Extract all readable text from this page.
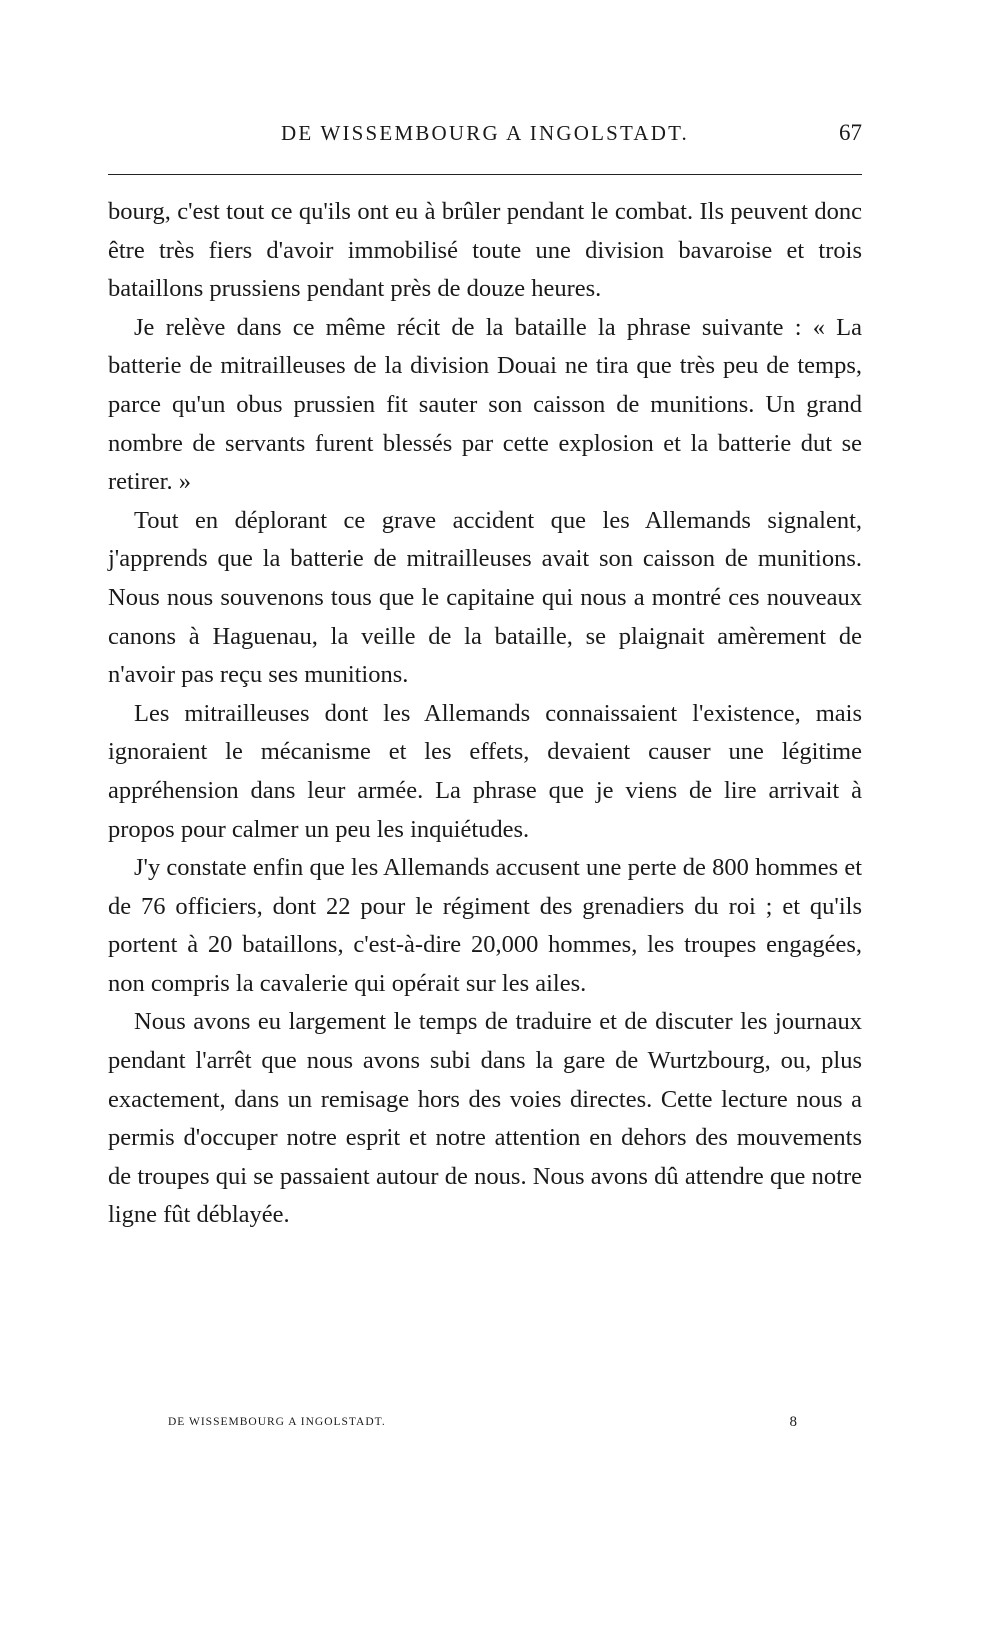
DE WISSEMBOURG A INGOLSTADT.	67

bourg, c'est tout ce qu'ils ont eu à brûler pendant le combat. Ils peuvent donc être très fiers d'avoir immobilisé toute une division bavaroise et trois bataillons prussiens pendant près de douze heures.

Je relève dans ce même récit de la bataille la phrase suivante : « La batterie de mitrailleuses de la division Douai ne tira que très peu de temps, parce qu'un obus prussien fit sauter son caisson de munitions. Un grand nombre de servants furent blessés par cette explosion et la batterie dut se retirer. »

Tout en déplorant ce grave accident que les Allemands signalent, j'apprends que la batterie de mitrailleuses avait son caisson de munitions. Nous nous souvenons tous que le capitaine qui nous a montré ces nouveaux canons à Haguenau, la veille de la bataille, se plaignait amèrement de n'avoir pas reçu ses munitions.

Les mitrailleuses dont les Allemands connaissaient l'existence, mais ignoraient le mécanisme et les effets, devaient causer une légitime appréhension dans leur armée. La phrase que je viens de lire arrivait à propos pour calmer un peu les inquiétudes.

J'y constate enfin que les Allemands accusent une perte de 800 hommes et de 76 officiers, dont 22 pour le régiment des grenadiers du roi ; et qu'ils portent à 20 bataillons, c'est-à-dire 20,000 hommes, les troupes engagées, non compris la cavalerie qui opérait sur les ailes.

Nous avons eu largement le temps de traduire et de discuter les journaux pendant l'arrêt que nous avons subi dans la gare de Wurtzbourg, ou, plus exactement, dans un remisage hors des voies directes. Cette lecture nous a permis d'occuper notre esprit et notre attention en dehors des mouvements de troupes qui se passaient autour de nous. Nous avons dû attendre que notre ligne fût déblayée.

DE WISSEMBOURG A INGOLSTADT.	8
